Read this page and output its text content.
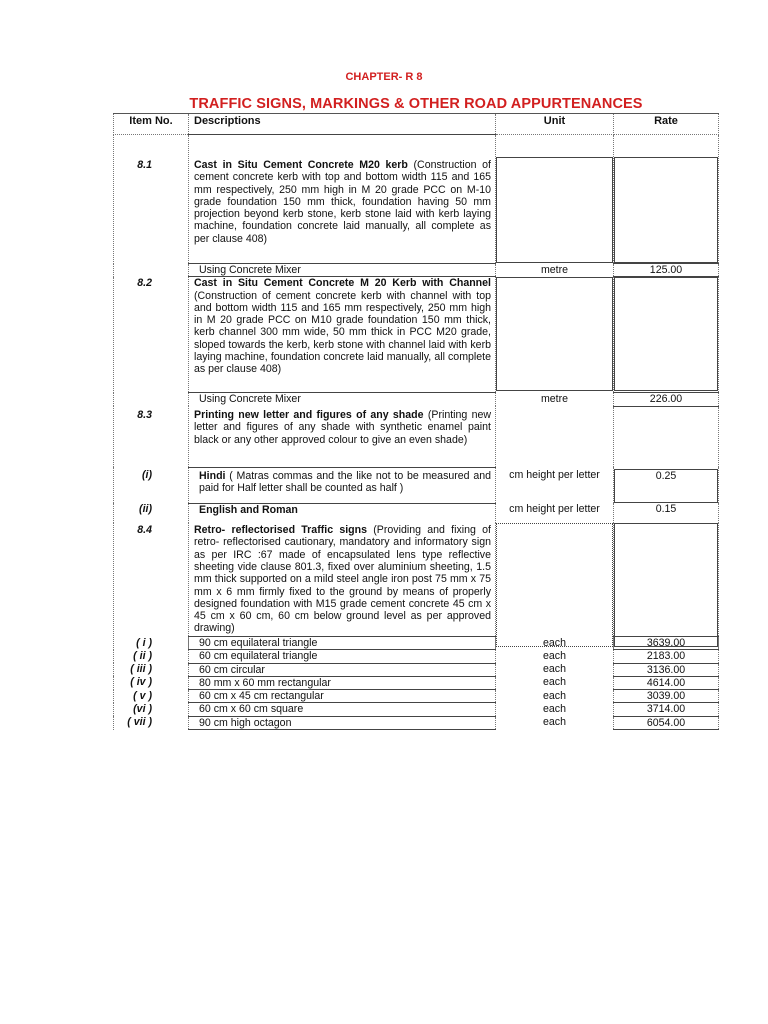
CHAPTER- R 8
TRAFFIC SIGNS, MARKINGS & OTHER ROAD APPURTENANCES
Item No.	Descriptions	Unit	Rate
8.1	Cast in Situ Cement Concrete M20 kerb (Construction of cement concrete kerb with top and bottom width 115 and 165 mm respectively, 250 mm high in M 20 grade PCC on M-10 grade foundation 150 mm thick, foundation having 50 mm projection beyond kerb stone, kerb stone laid with kerb laying machine, foundation concrete laid manually, all complete as per clause 408)	

	Using Concrete Mixer	metre	125.00
8.2	Cast in Situ Cement Concrete M 20 Kerb with Channel (Construction of cement concrete kerb with channel with top and bottom width 115 and 165 mm respectively, 250 mm high in M 20 grade PCC on M10 grade foundation 150 mm thick, kerb channel 300 mm wide, 50 mm thick in PCC M20 grade, sloped towards the kerb, kerb stone with channel laid with kerb laying machine, foundation concrete laid manually, all complete as per clause 408)	

	Using Concrete Mixer	metre	226.00
8.3	Printing new letter and figures of any shade (Printing new letter and figures of any shade with synthetic enamel paint black or any other approved colour to give an even shade)		
(i)	Hindi ( Matras commas and the like not to be measured and paid for Half letter shall be counted as half )	cm height per letter	0.25

(ii)	English and Roman	cm height per letter	0.15
8.4	Retro- reflectorised Traffic signs (Providing and fixing of retro- reflectorised cautionary, mandatory and informatory sign as per IRC :67 made of encapsulated lens type reflective sheeting vide clause 801.3, fixed over aluminium sheeting, 1.5 mm thick supported on a mild steel angle iron post 75 mm x 75 mm x 6 mm firmly fixed to the ground by means of properly designed foundation with M15 grade cement concrete 45 cm x 45 cm x 60 cm, 60 cm below ground level as per approved drawing)	

( i )	90 cm equilateral triangle	each	3639.00
( ii )	60 cm equilateral triangle	each	2183.00
( iii )	60 cm circular	each	3136.00
( iv )	80 mm x 60 mm rectangular	each	4614.00
( v )	60 cm x 45 cm rectangular	each	3039.00
(vi )	60 cm x 60 cm square	each	3714.00
( vii )	90 cm high octagon	each	6054.00
